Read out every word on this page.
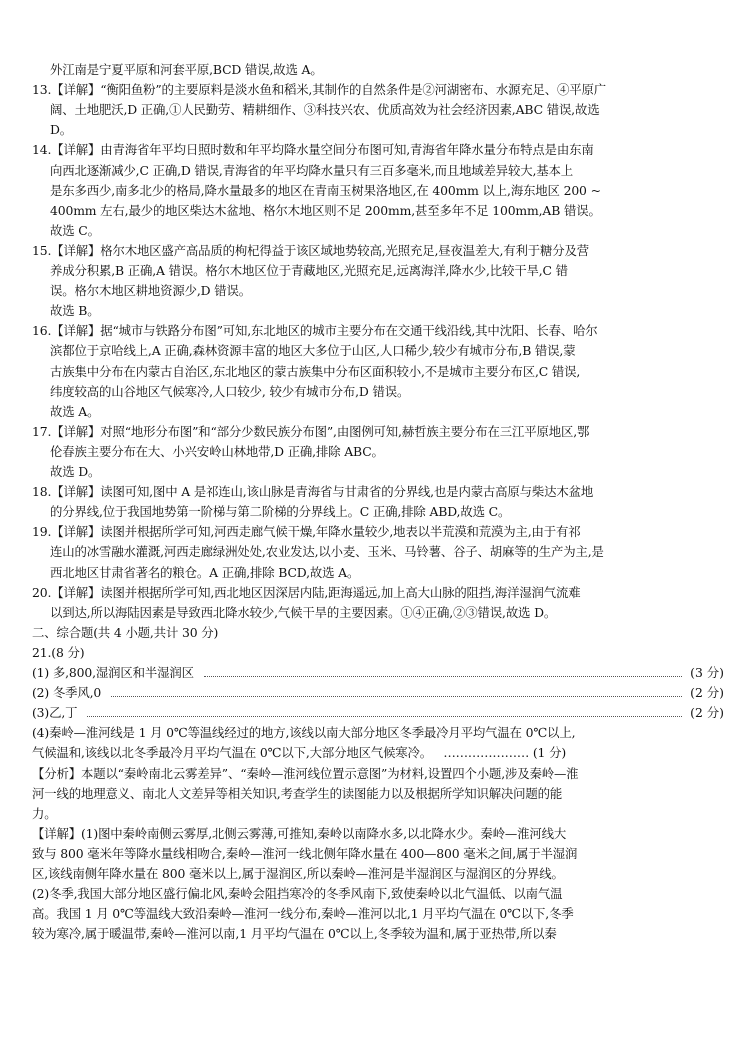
外江南是宁夏平原和河套平原,BCD 错误,故选 A。
13.【详解】“衡阳鱼粉”的主要原料是淡水鱼和稻米,其制作的自然条件是②河湖密布、水源充足、④平原广
阔、土地肥沃,D 正确,①人民勤劳、精耕细作、③科技兴农、优质高效为社会经济因素,ABC 错误,故选
D。
14.【详解】由青海省年平均日照时数和年平均降水量空间分布图可知,青海省年降水量分布特点是由东南
向西北逐渐减少,C 正确,D 错误,青海省的年平均降水量只有三百多毫米,而且地域差异较大,基本上
是东多西少,南多北少的格局,降水量最多的地区在青南玉树果洛地区,在 400mm 以上,海东地区 200 ~
400mm 左右,最少的地区柴达木盆地、格尔木地区则不足 200mm,甚至多年不足 100mm,AB 错误。
故选 C。
15.【详解】格尔木地区盛产高品质的枸杞得益于该区域地势较高,光照充足,昼夜温差大,有利于糖分及营
养成分积累,B 正确,A 错误。格尔木地区位于青藏地区,光照充足,远离海洋,降水少,比较干旱,C 错
误。格尔木地区耕地资源少,D 错误。
故选 B。
16.【详解】据“城市与铁路分布图”可知,东北地区的城市主要分布在交通干线沿线,其中沈阳、长春、哈尔
滨都位于京哈线上,A 正确,森林资源丰富的地区大多位于山区,人口稀少,较少有城市分布,B 错误,蒙
古族集中分布在内蒙古自治区,东北地区的蒙古族集中分布区面积较小,不是城市主要分布区,C 错误,
纬度较高的山谷地区气候寒冷,人口较少, 较少有城市分布,D 错误。
故选 A。
17.【详解】对照“地形分布图”和“部分少数民族分布图”,由图例可知,赫哲族主要分布在三江平原地区,鄂
伦春族主要分布在大、小兴安岭山林地带,D 正确,排除 ABC。
故选 D。
18.【详解】读图可知,图中 A 是祁连山,该山脉是青海省与甘肃省的分界线,也是内蒙古高原与柴达木盆地
的分界线,位于我国地势第一阶梯与第二阶梯的分界线上。C 正确,排除 ABD,故选 C。
19.【详解】读图并根据所学可知,河西走廊气候干燥,年降水量较少,地表以半荒漠和荒漠为主,由于有祁
连山的冰雪融水灌溉,河西走廊绿洲处处,农业发达,以小麦、玉米、马铃薯、谷子、胡麻等的生产为主,是
西北地区甘肃省著名的粮仓。A 正确,排除 BCD,故选 A。
20.【详解】读图并根据所学可知,西北地区因深居内陆,距海遥远,加上高大山脉的阻挡,海洋湿润气流难
以到达,所以海陆因素是导致西北降水较少,气候干旱的主要因素。①④正确,②③错误,故选 D。
二、综合题(共 4 小题,共计 30 分)
21.(8 分)
(1) 多,800,湿润区和半湿润区	(3 分)
(2) 冬季风,0	(2 分)
(3)乙,丁	(2 分)
(4)秦岭—淮河线是 1 月 0℃等温线经过的地方,该线以南大部分地区冬季最冷月平均气温在 0℃以上,
气候温和,该线以北冬季最冷月平均气温在 0℃以下,大部分地区气候寒冷。   ………………… (1 分)
【分析】本题以“秦岭南北云雾差异”、“秦岭—淮河线位置示意图”为材料,设置四个小题,涉及秦岭—淮
河一线的地理意义、南北人文差异等相关知识,考查学生的读图能力以及根据所学知识解决问题的能
力。
【详解】(1)图中秦岭南侧云雾厚,北侧云雾薄,可推知,秦岭以南降水多,以北降水少。秦岭—淮河线大
致与 800 毫米年等降水量线相吻合,秦岭—淮河一线北侧年降水量在 400—800 毫米之间,属于半湿润
区,该线南侧年降水量在 800 毫米以上,属于湿润区,所以秦岭—淮河是半湿润区与湿润区的分界线。
(2)冬季,我国大部分地区盛行偏北风,秦岭会阻挡寒冷的冬季风南下,致使秦岭以北气温低、以南气温
高。我国 1 月 0℃等温线大致沿秦岭—淮河一线分布,秦岭—淮河以北,1 月平均气温在 0℃以下,冬季
较为寒冷,属于暖温带,秦岭—淮河以南,1 月平均气温在 0℃以上,冬季较为温和,属于亚热带,所以秦
